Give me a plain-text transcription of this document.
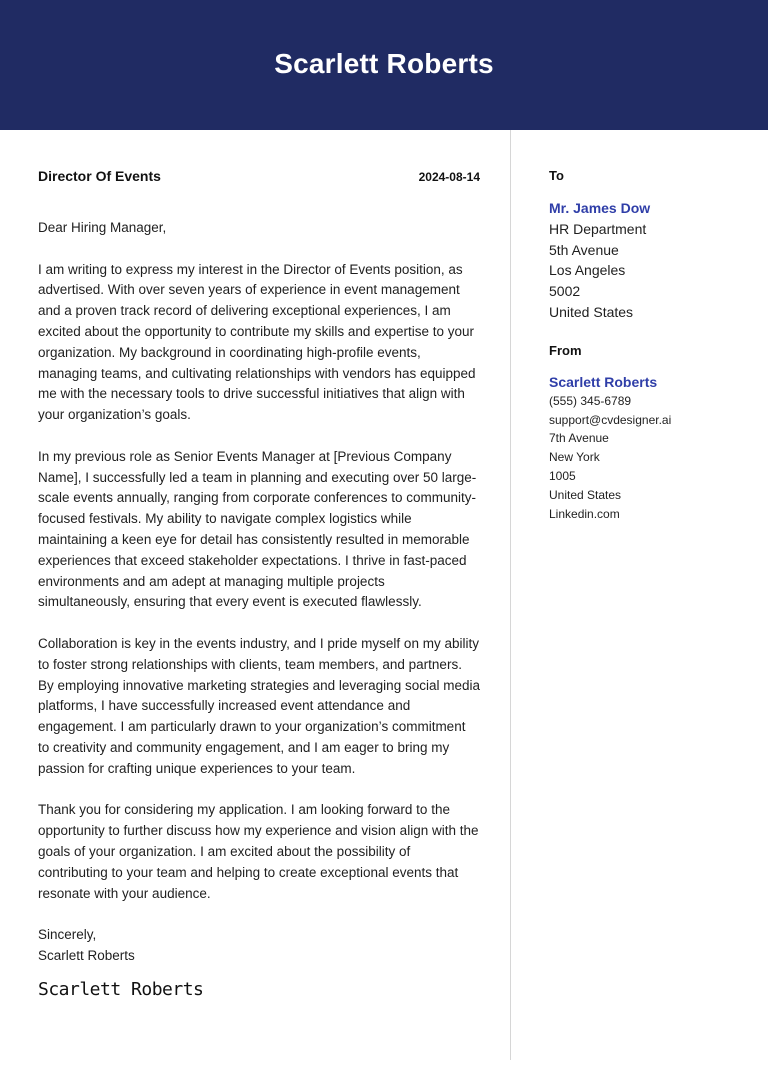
Scarlett Roberts
Director Of Events	2024-08-14
Dear Hiring Manager,
I am writing to express my interest in the Director of Events position, as advertised. With over seven years of experience in event management and a proven track record of delivering exceptional experiences, I am excited about the opportunity to contribute my skills and expertise to your organization. My background in coordinating high-profile events, managing teams, and cultivating relationships with vendors has equipped me with the necessary tools to drive successful initiatives that align with your organization’s goals.
In my previous role as Senior Events Manager at [Previous Company Name], I successfully led a team in planning and executing over 50 large-scale events annually, ranging from corporate conferences to community-focused festivals. My ability to navigate complex logistics while maintaining a keen eye for detail has consistently resulted in memorable experiences that exceed stakeholder expectations. I thrive in fast-paced environments and am adept at managing multiple projects simultaneously, ensuring that every event is executed flawlessly.
Collaboration is key in the events industry, and I pride myself on my ability to foster strong relationships with clients, team members, and partners. By employing innovative marketing strategies and leveraging social media platforms, I have successfully increased event attendance and engagement. I am particularly drawn to your organization’s commitment to creativity and community engagement, and I am eager to bring my passion for crafting unique experiences to your team.
Thank you for considering my application. I am looking forward to the opportunity to further discuss how my experience and vision align with the goals of your organization. I am excited about the possibility of contributing to your team and helping to create exceptional events that resonate with your audience.
Sincerely,
Scarlett Roberts
Scarlett Roberts
To
Mr. James Dow
HR Department
5th Avenue
Los Angeles
5002
United States
From
Scarlett Roberts
(555) 345-6789
support@cvdesigner.ai
7th Avenue
New York
1005
United States
Linkedin.com
